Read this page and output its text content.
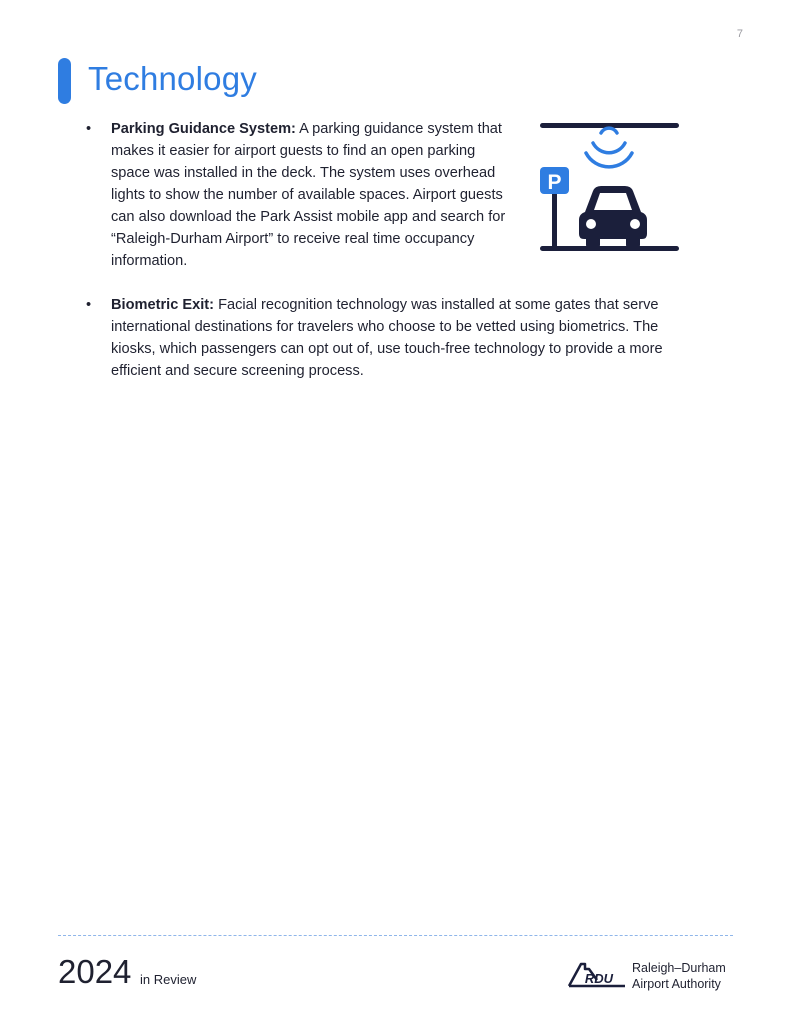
7
Technology
•	Parking Guidance System: A parking guidance system that makes it easier for airport guests to find an open parking space was installed in the deck. The system uses overhead lights to show the number of available spaces. Airport guests can also download the Park Assist mobile app and search for “Raleigh-Durham Airport” to receive real time occupancy information.
•	Biometric Exit: Facial recognition technology was installed at some gates that serve international destinations for travelers who choose to be vetted using biometrics. The kiosks, which passengers can opt out of, use touch-free technology to provide a more efficient and secure screening process.
P
2024 in Review	RDU
Raleigh–Durham
Airport Authority
